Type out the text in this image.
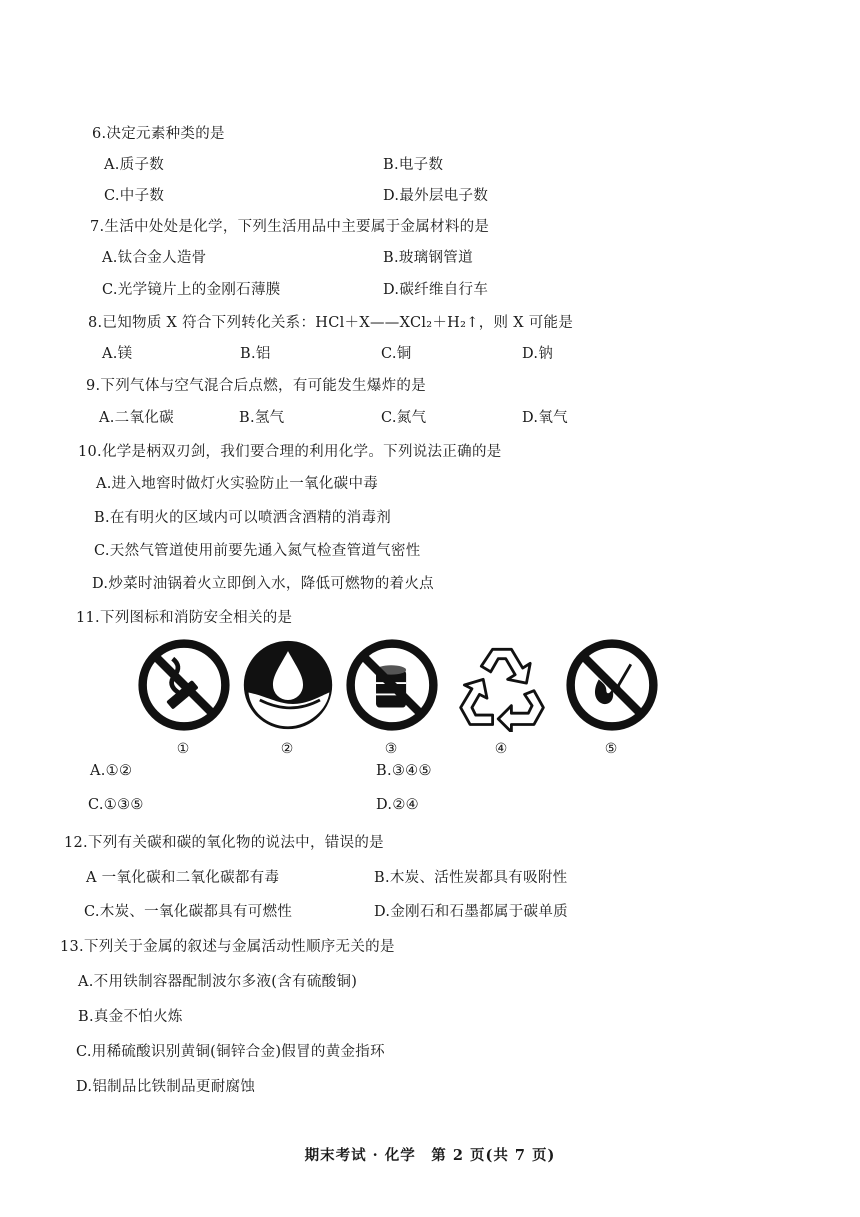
6.决定元素种类的是
A.质子数	B.电子数
C.中子数	D.最外层电子数
7.生活中处处是化学，下列生活用品中主要属于金属材料的是
A.钛合金人造骨	B.玻璃钢管道
C.光学镜片上的金刚石薄膜	D.碳纤维自行车
8.已知物质 X 符合下列转化关系：HCl＋X——XCl₂＋H₂↑，则 X 可能是
A.镁	B.铝	C.铜	D.钠
9.下列气体与空气混合后点燃，有可能发生爆炸的是
A.二氧化碳	B.氢气	C.氮气	D.氧气
10.化学是柄双刃剑，我们要合理的利用化学。下列说法正确的是
A.进入地窖时做灯火实验防止一氧化碳中毒
B.在有明火的区域内可以喷洒含酒精的消毒剂
C.天然气管道使用前要先通入氮气检查管道气密性
D.炒菜时油锅着火立即倒入水，降低可燃物的着火点
11.下列图标和消防安全相关的是
①	②	③	④	⑤
A.①②	B.③④⑤
C.①③⑤	D.②④
12.下列有关碳和碳的氧化物的说法中，错误的是
A 一氧化碳和二氧化碳都有毒	B.木炭、活性炭都具有吸附性
C.木炭、一氧化碳都具有可燃性	D.金刚石和石墨都属于碳单质
13.下列关于金属的叙述与金属活动性顺序无关的是
A.不用铁制容器配制波尔多液(含有硫酸铜)
B.真金不怕火炼
C.用稀硫酸识别黄铜(铜锌合金)假冒的黄金指环
D.铝制品比铁制品更耐腐蚀
期末考试 · 化学　第 2 页(共 7 页)
